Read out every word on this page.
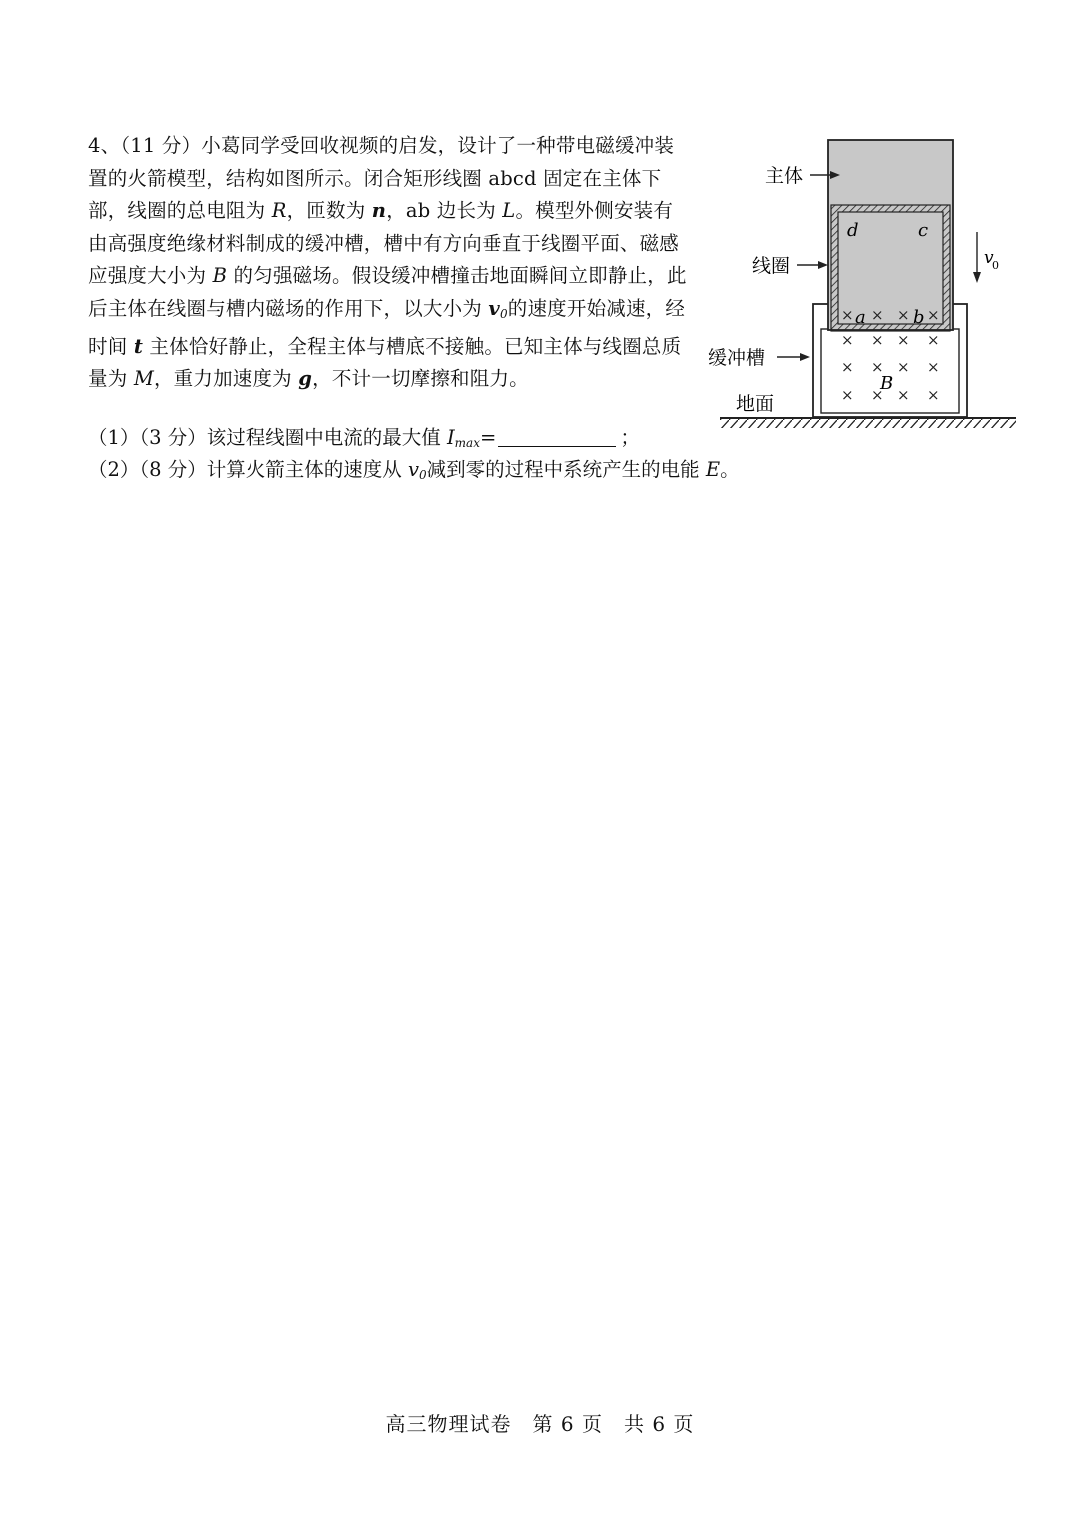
4、（11 分）小葛同学受回收视频的启发，设计了一种带电磁缓冲装置的火箭模型，结构如图所示。闭合矩形线圈 abcd 固定在主体下部，线圈的总电阻为 R，匝数为 n，ab 边长为 L。模型外侧安装有由高强度绝缘材料制成的缓冲槽，槽中有方向垂直于线圈平面、磁感应强度大小为 B 的匀强磁场。假设缓冲槽撞击地面瞬间立即静止，此后主体在线圈与槽内磁场的作用下，以大小为 v0的速度开始减速，经时间 t 主体恰好静止，全程主体与槽底不接触。已知主体与线圈总质量为 M，重力加速度为 g，不计一切摩擦和阻力。

（1）（3 分）该过程线圈中电流的最大值 Imax=	；
（2）（8 分）计算火箭主体的速度从 v0减到零的过程中系统产生的电能 E。
d	c
a	b
× × × ×
× × × ×
× × × ×
× × × ×
B
v
0
主体
线圈
缓冲槽
地面
高三物理试卷　第 6 页　共 6 页
